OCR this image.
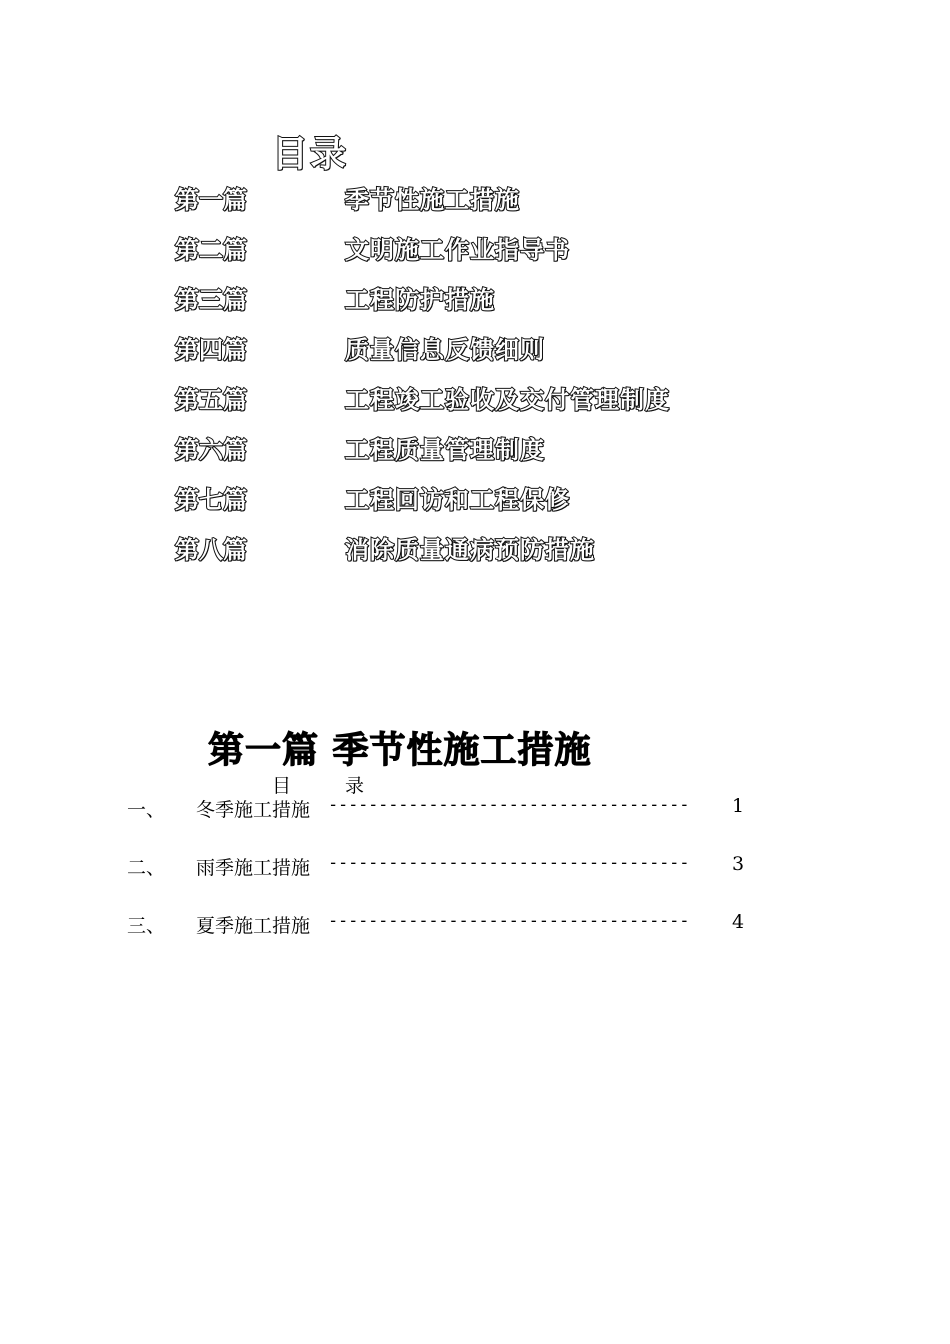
目录
第一篇	季节性施工措施
第二篇	文明施工作业指导书
第三篇	工程防护措施
第四篇	质量信息反馈细则
第五篇	工程竣工验收及交付管理制度
第六篇	工程质量管理制度
第七篇	工程回访和工程保修
第八篇	消除质量通病预防措施
第一篇 季节性施工措施
目	录
一、 冬季施工措施 ------------------------------------	1
二、 雨季施工措施 ------------------------------------	3
三、 夏季施工措施 ------------------------------------	4
